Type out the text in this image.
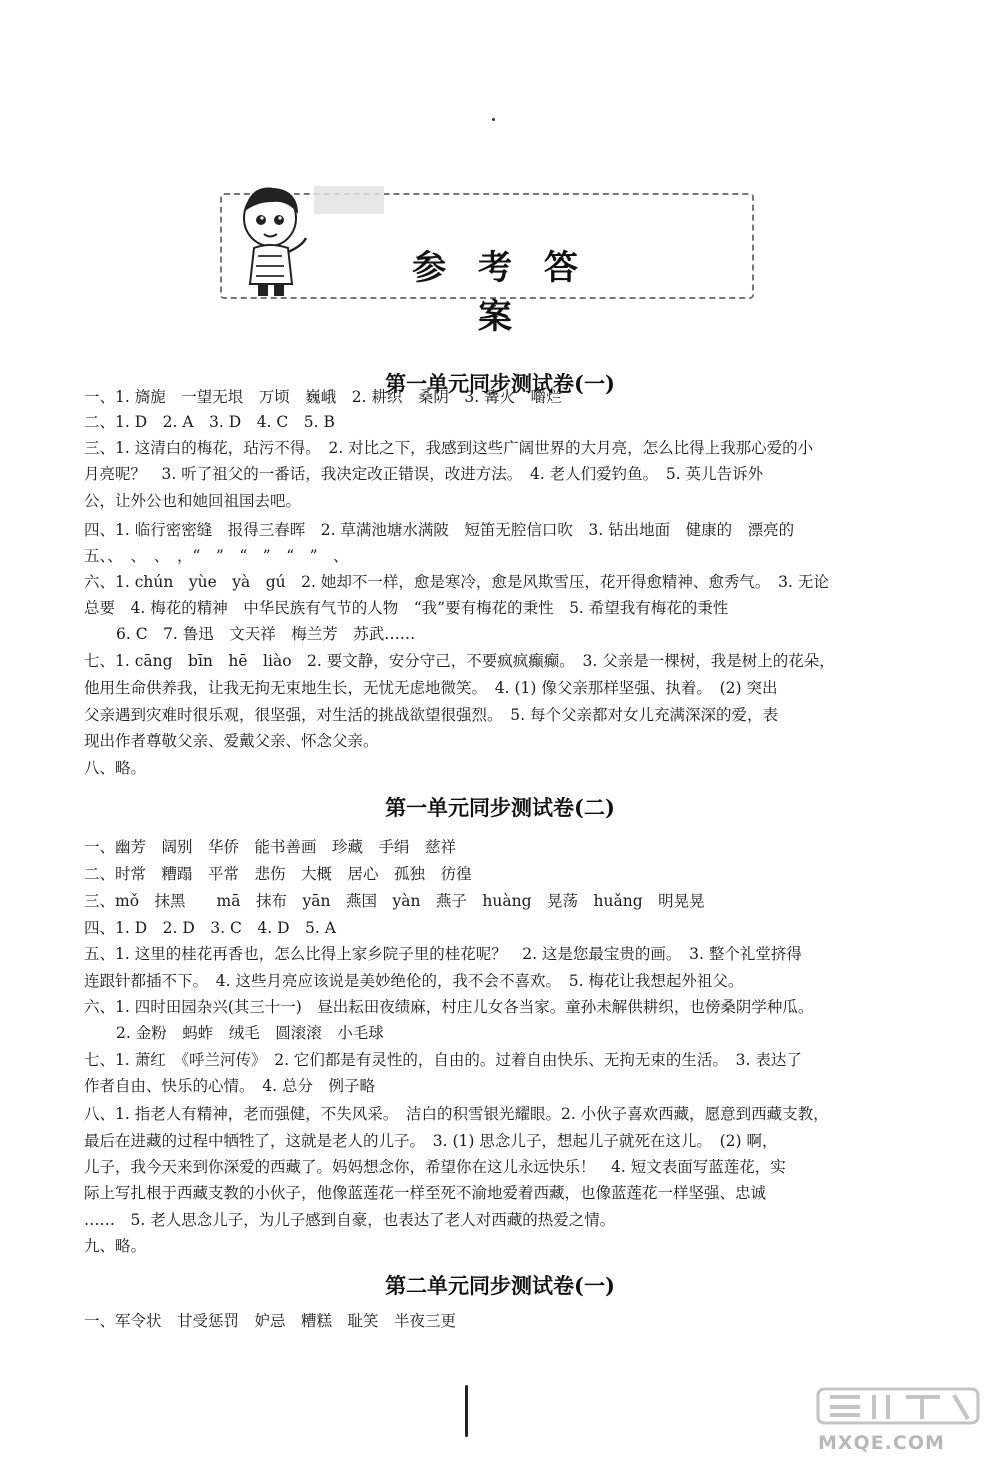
参 考 答 案
第一单元同步测试卷(一)
一、1. 旖旎　一望无垠　万顷　巍峨　2. 耕织　桑阴　3. 篝火　嚼烂
二、1. D　2. A　3. D　4. C　5. B
三、1. 这清白的梅花，玷污不得。　2. 对比之下，我感到这些广阔世界的大月亮，怎么比得上我那心爱的小
月亮呢？　3. 听了祖父的一番话，我决定改正错误，改进方法。　4. 老人们爱钓鱼。　5. 英儿告诉外
公，让外公也和她回祖国去吧。
四、1. 临行密密缝　报得三春晖　2. 草满池塘水满陂　短笛无腔信口吹　3. 钻出地面　健康的　漂亮的
五、、　、　、　，“　”　“　”　“　”　、
六、1. chún　yùe　yà　gú　2. 她却不一样，愈是寒冷，愈是风欺雪压，花开得愈精神、愈秀气。　3. 无论
总要　4. 梅花的精神　中华民族有气节的人物　“我”要有梅花的秉性　5. 希望我有梅花的秉性
6. C　7. 鲁迅　文天祥　梅兰芳　苏武……
七、1. cāng　bīn　hē　liào　2. 要文静，安分守己，不要疯疯癫癫。　3. 父亲是一棵树，我是树上的花朵，
他用生命供养我，让我无拘无束地生长，无忧无虑地微笑。　4. (1) 像父亲那样坚强、执着。　(2) 突出
父亲遇到灾难时很乐观，很坚强，对生活的挑战欲望很强烈。　5. 每个父亲都对女儿充满深深的爱，表
现出作者尊敬父亲、爱戴父亲、怀念父亲。
八、略。
第一单元同步测试卷(二)
一、幽芳　阔别　华侨　能书善画　珍藏　手绢　慈祥
二、时常　糟蹋　平常　悲伤　大概　居心　孤独　彷徨
三、mǒ　抹黑　　mā　抹布　yān　燕国　yàn　燕子　huàng　晃荡　huǎng　明晃晃
四、1. D　2. D　3. C　4. D　5. A
五、1. 这里的桂花再香也，怎么比得上家乡院子里的桂花呢？　2. 这是您最宝贵的画。　3. 整个礼堂挤得
连跟针都插不下。　4. 这些月亮应该说是美妙绝伦的，我不会不喜欢。　5. 梅花让我想起外祖父。
六、1. 四时田园杂兴(其三十一)　昼出耘田夜绩麻，村庄儿女各当家。童孙未解供耕织，也傍桑阴学种瓜。
2. 金粉　蚂蚱　绒毛　圆滚滚　小毛球
七、1. 萧红　《呼兰河传》　2. 它们都是有灵性的，自由的。过着自由快乐、无拘无束的生活。　3. 表达了
作者自由、快乐的心情。　4. 总分　例子略
八、1. 指老人有精神，老而强健，不失风采。　洁白的积雪银光耀眼。2. 小伙子喜欢西藏，愿意到西藏支教，
最后在进藏的过程中牺牲了，这就是老人的儿子。　3. (1) 思念儿子，想起儿子就死在这儿。　(2) 啊，
儿子，我今天来到你深爱的西藏了。妈妈想念你，希望你在这儿永远快乐！　4. 短文表面写蓝莲花，实
际上写扎根于西藏支教的小伙子，他像蓝莲花一样至死不渝地爱着西藏，也像蓝莲花一样坚强、忠诚
……　5. 老人思念儿子，为儿子感到自豪，也表达了老人对西藏的热爱之情。
九、略。
第二单元同步测试卷(一)
一、军令状　甘受惩罚　妒忌　糟糕　耻笑　半夜三更
MXQE.COM
